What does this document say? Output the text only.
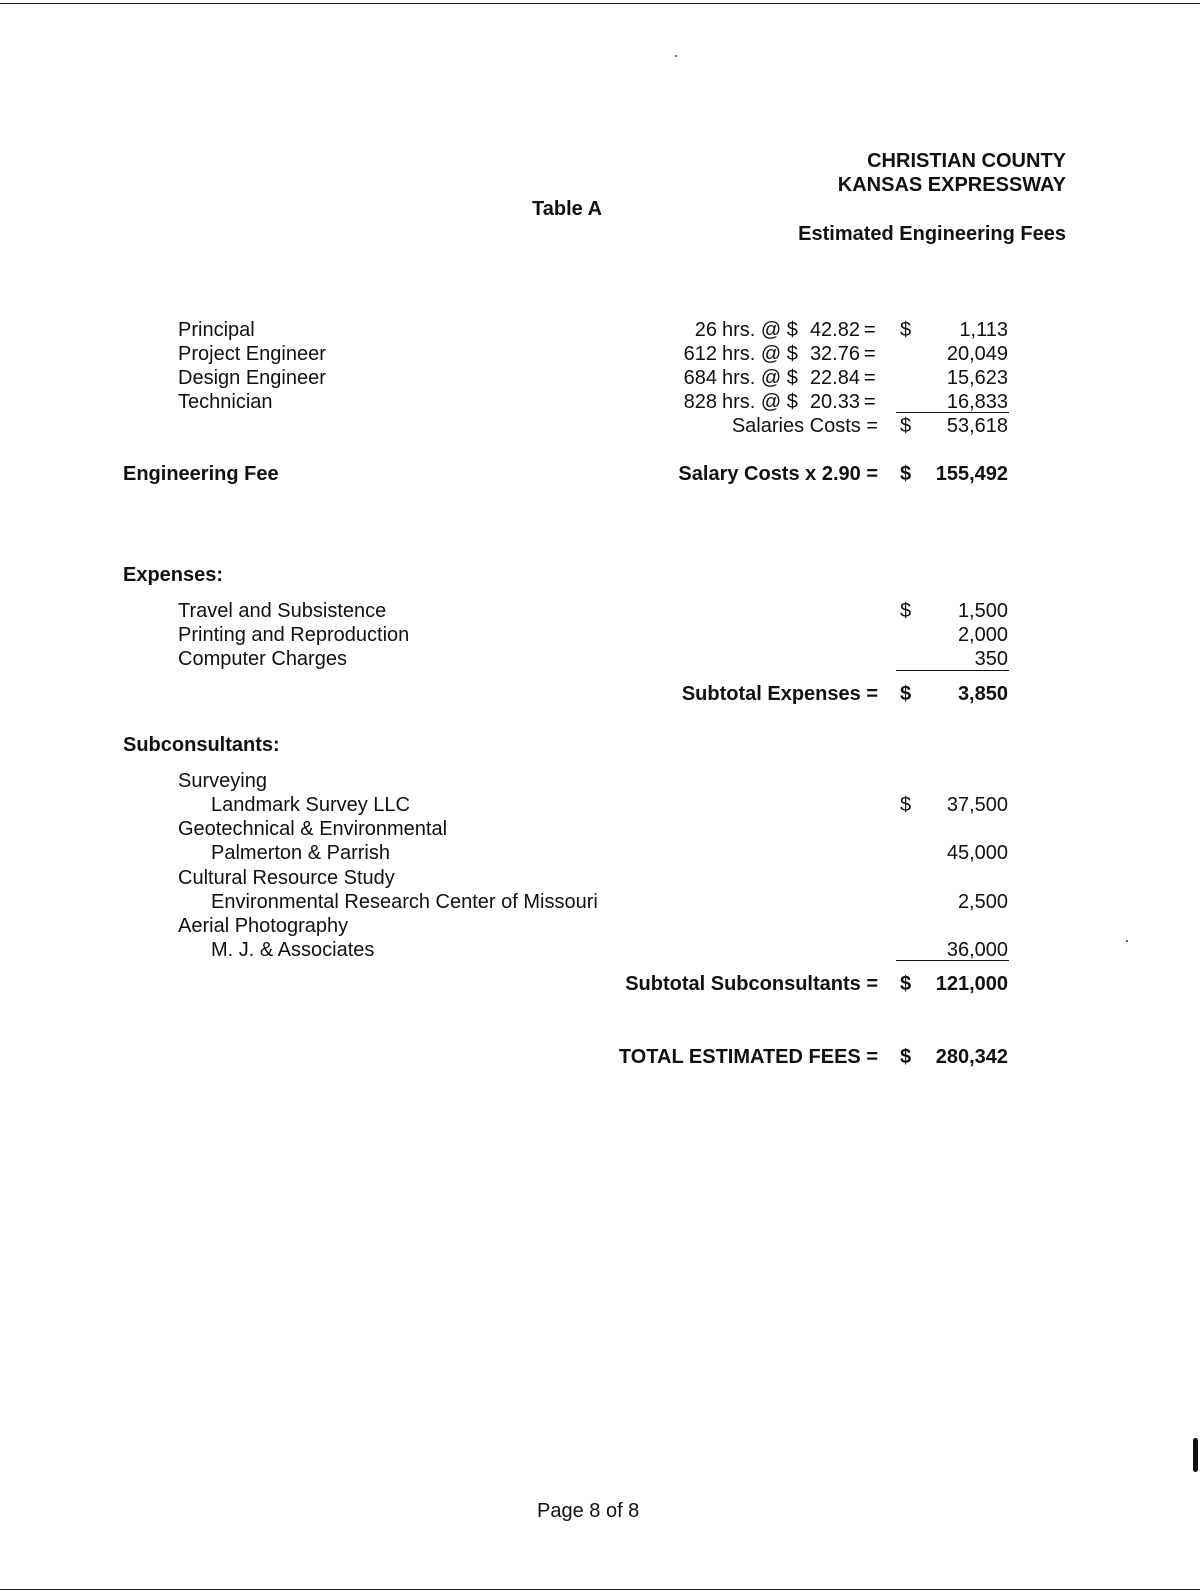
CHRISTIAN COUNTY
KANSAS EXPRESSWAY
Table A
Estimated Engineering Fees
Principal	26 hrs. @ $ 42.82 = $	1,113
Project Engineer	612 hrs. @ $ 32.76 =	20,049
Design Engineer	684 hrs. @ $ 22.84 =	15,623
Technician	828 hrs. @ $ 20.33 =	16,833
Salaries Costs = $	53,618
Engineering Fee	Salary Costs x 2.90 = $	155,492
Expenses:
Travel and Subsistence	$	1,500
Printing and Reproduction	2,000
Computer Charges	350
Subtotal Expenses = $	3,850
Subconsultants:
Surveying
Landmark Survey LLC	$	37,500
Geotechnical & Environmental
Palmerton & Parrish	45,000
Cultural Resource Study
Environmental Research Center of Missouri	2,500
Aerial Photography
M. J. & Associates	36,000
Subtotal Subconsultants = $	121,000
TOTAL ESTIMATED FEES = $	280,342
Page 8 of 8
